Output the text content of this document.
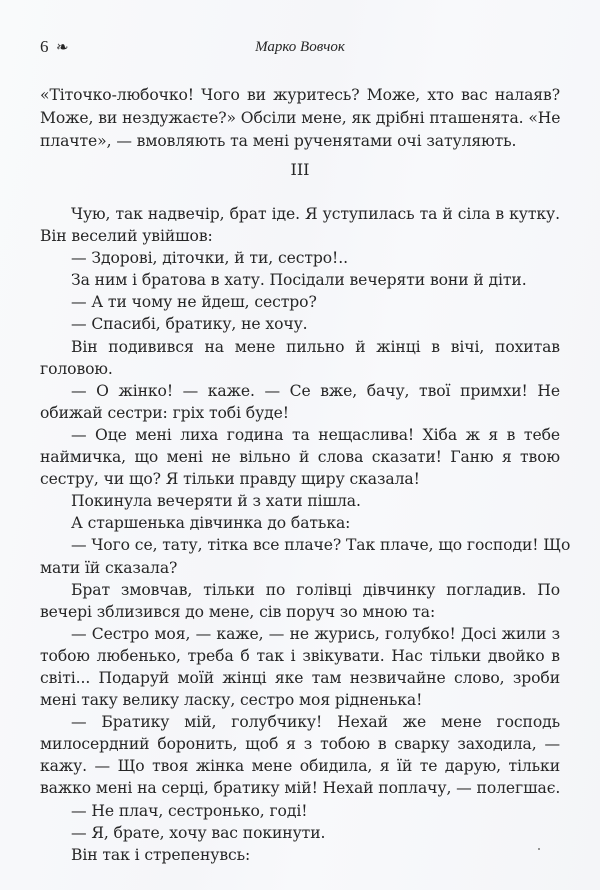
6 ❧	Марко Вовчок
«Тіточко-любочко! Чого ви журитесь? Може, хто вас налаяв?
Може, ви нездужаєте?» Обсіли мене, як дрібні пташенята. «Не
плачте», — вмовляють та мені рученятами очі затуляють.
III
Чую, так надвечір, брат іде. Я уступилась та й сіла в кутку.
Він веселий увійшов:
— Здорові, діточки, й ти, сестро!..
За ним і братова в хату. Посідали вечеряти вони й діти.
— А ти чому не йдеш, сестро?
— Спасибі, братику, не хочу.
Він подивився на мене пильно й жінці в вічі, похитав
головою.
— О жінко! — каже. — Се вже, бачу, твої примхи! Не
обижай сестри: гріх тобі буде!
— Оце мені лиха година та нещаслива! Хіба ж я в тебе
наймичка, що мені не вільно й слова сказати! Ганю я твою
сестру, чи що? Я тільки правду щиру сказала!
Покинула вечеряти й з хати пішла.
А старшенька дівчинка до батька:
— Чого се, тату, тітка все плаче? Так плаче, що господи! Що
мати їй сказала?
Брат змовчав, тільки по голівці дівчинку погладив. По
вечері зблизився до мене, сів поруч зо мною та:
— Сестро моя, — каже, — не журись, голубко! Досі жили з
тобою любенько, треба б так і звікувати. Нас тільки двойко в
світі... Подаруй моїй жінці яке там незвичайне слово, зроби
мені таку велику ласку, сестро моя рідненька!
— Братику мій, голубчику! Нехай же мене господь
милосердний боронить, щоб я з тобою в сварку заходила, —
кажу. — Що твоя жінка мене обидила, я їй те дарую, тільки
важко мені на серці, братику мій! Нехай поплачу, — полегшає.
— Не плач, сестронько, годі!
— Я, брате, хочу вас покинути.
Він так і стрепенувсь:
